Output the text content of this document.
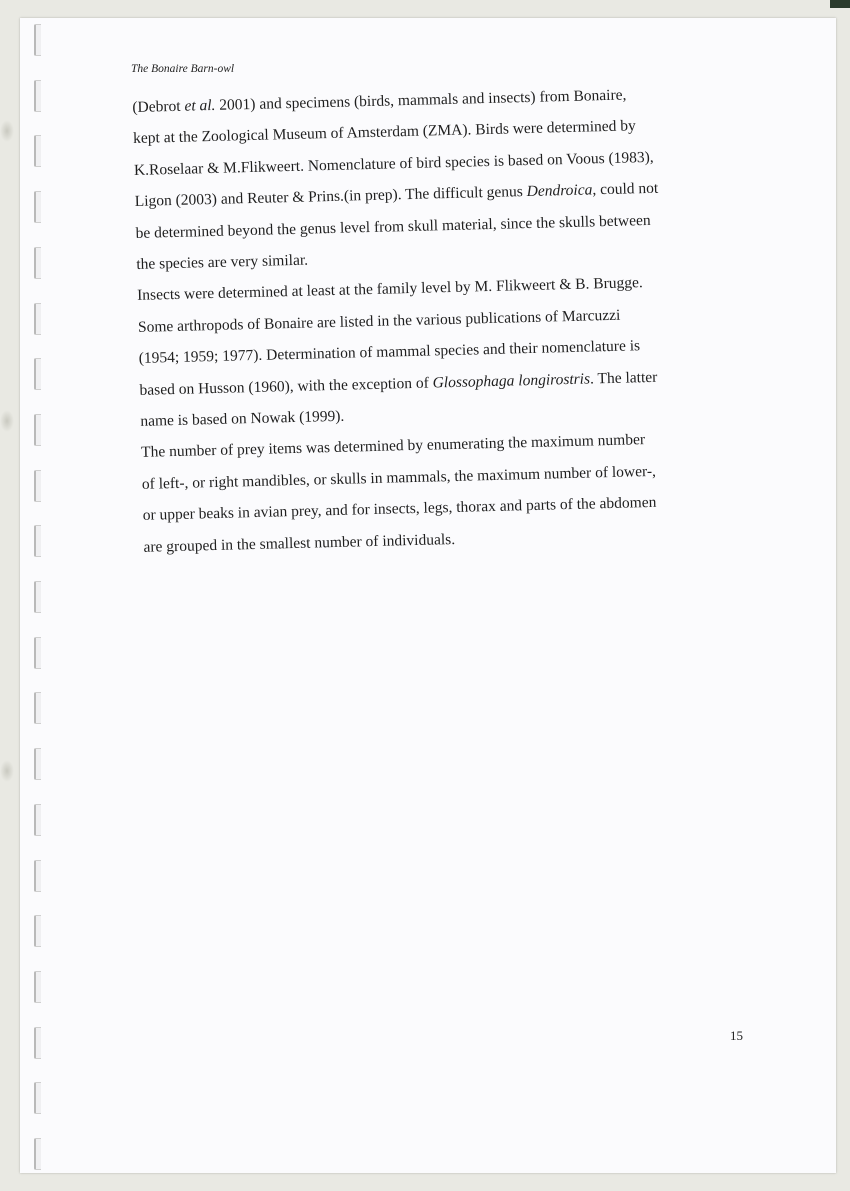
The Bonaire Barn-owl
(Debrot et al. 2001) and specimens (birds, mammals and insects) from Bonaire,
kept at the Zoological Museum of Amsterdam (ZMA). Birds were determined by
K.Roselaar & M.Flikweert. Nomenclature of bird species is based on Voous (1983),
Ligon (2003) and Reuter & Prins.(in prep). The difficult genus Dendroica, could not
be determined beyond the genus level from skull material, since the skulls between
the species are very similar.
Insects were determined at least at the family level by M. Flikweert & B. Brugge.
Some arthropods of Bonaire are listed in the various publications of Marcuzzi
(1954; 1959; 1977). Determination of mammal species and their nomenclature is
based on Husson (1960), with the exception of Glossophaga longirostris. The latter
name is based on Nowak (1999).
The number of prey items was determined by enumerating the maximum number
of left-, or right mandibles, or skulls in mammals, the maximum number of lower-,
or upper beaks in avian prey, and for insects, legs, thorax and parts of the abdomen
are grouped in the smallest number of individuals.
15
